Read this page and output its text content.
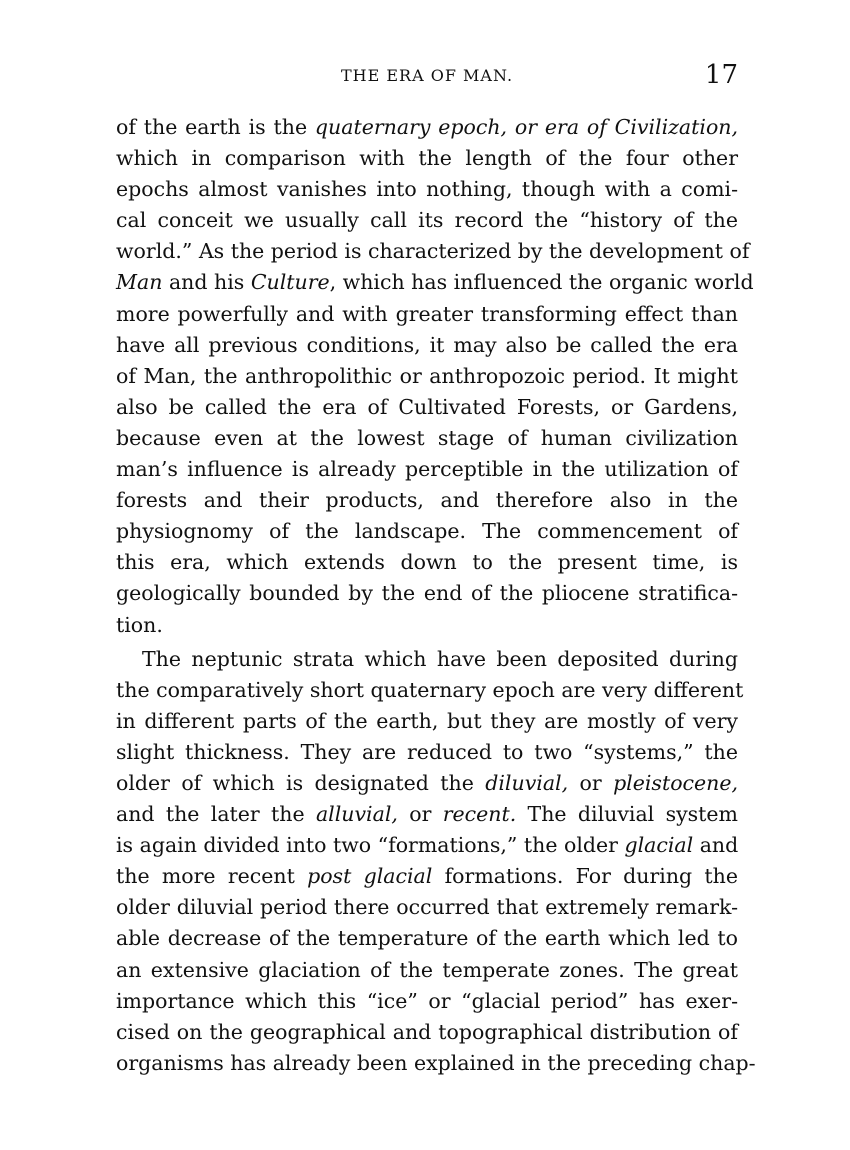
THE ERA OF MAN.	17
of the earth is the quaternary epoch, or era of Civilization,
which in comparison with the length of the four other
epochs almost vanishes into nothing, though with a comi-
cal conceit we usually call its record the “history of the
world.” As the period is characterized by the development of
Man and his Culture, which has influenced the organic world
more powerfully and with greater transforming effect than
have all previous conditions, it may also be called the era
of Man, the anthropolithic or anthropozoic period. It might
also be called the era of Cultivated Forests, or Gardens,
because even at the lowest stage of human civilization
man’s influence is already perceptible in the utilization of
forests and their products, and therefore also in the
physiognomy of the landscape. The commencement of
this era, which extends down to the present time, is
geologically bounded by the end of the pliocene stratifica-
tion.
The neptunic strata which have been deposited during
the comparatively short quaternary epoch are very different
in different parts of the earth, but they are mostly of very
slight thickness. They are reduced to two “systems,” the
older of which is designated the diluvial, or pleistocene,
and the later the alluvial, or recent. The diluvial system
is again divided into two “formations,” the older glacial and
the more recent post glacial formations. For during the
older diluvial period there occurred that extremely remark-
able decrease of the temperature of the earth which led to
an extensive glaciation of the temperate zones. The great
importance which this “ice” or “glacial period” has exer-
cised on the geographical and topographical distribution of
organisms has already been explained in the preceding chap-
